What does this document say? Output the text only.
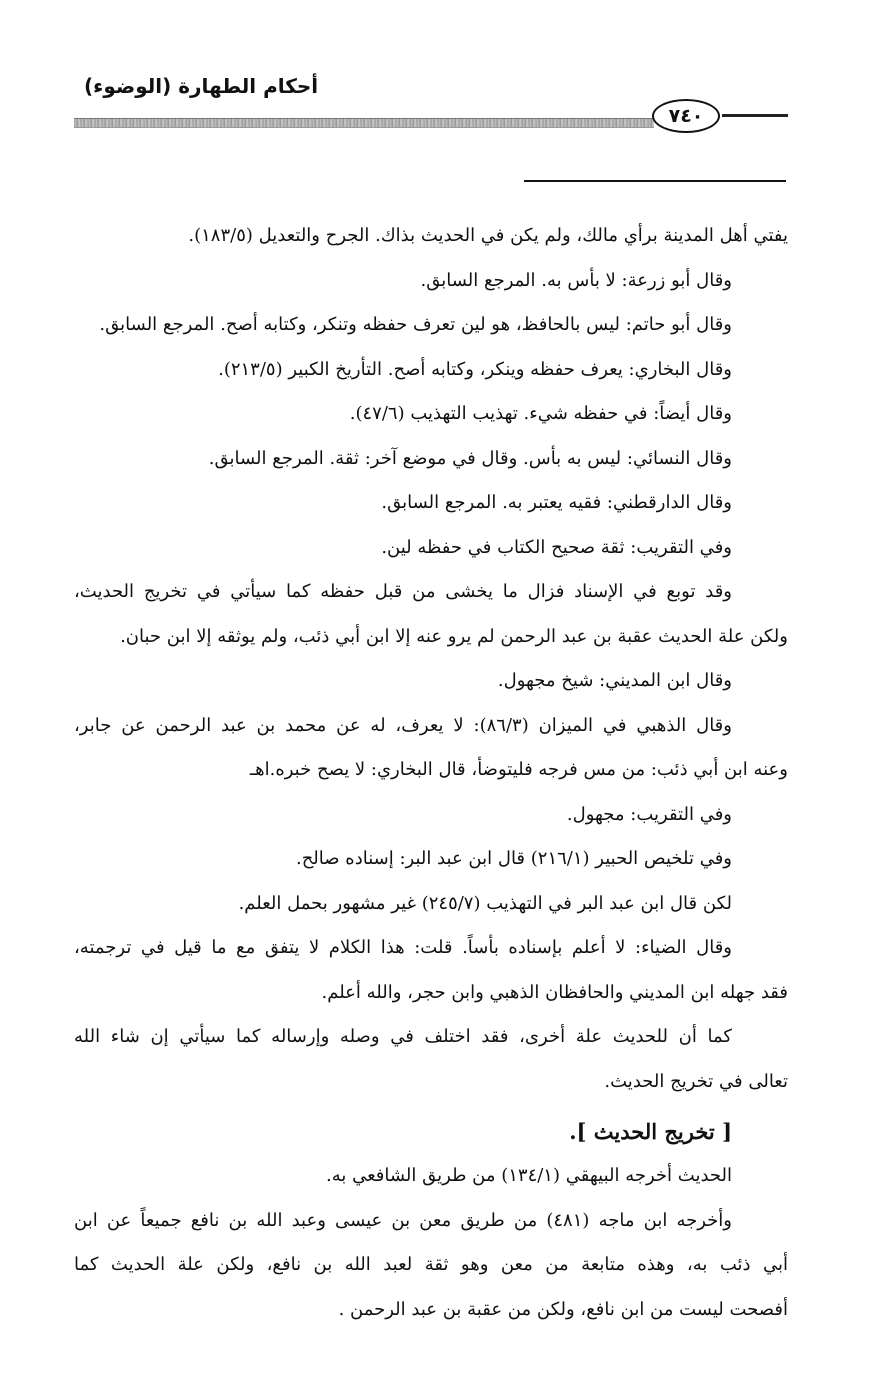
أحكام الطهارة (الوضوء)
٧٤٠
يفتي أهل المدينة برأي مالك، ولم يكن في الحديث بذاك. الجرح والتعديل (١٨٣/٥).
وقال أبو زرعة: لا بأس به. المرجع السابق.
وقال أبو حاتم: ليس بالحافظ، هو لين تعرف حفظه وتنكر، وكتابه أصح. المرجع السابق.
وقال البخاري: يعرف حفظه وينكر، وكتابه أصح. التأريخ الكبير (٢١٣/٥).
وقال أيضاً: في حفظه شيء. تهذيب التهذيب (٤٧/٦).
وقال النسائي: ليس به بأس. وقال في موضع آخر: ثقة. المرجع السابق.
وقال الدارقطني: فقيه يعتبر به. المرجع السابق.
وفي التقريب: ثقة صحيح الكتاب في حفظه لين.
وقد توبع في الإسناد فزال ما يخشى من قبل حفظه كما سيأتي في تخريج الحديث،
ولكن علة الحديث عقبة بن عبد الرحمن لم يرو عنه إلا ابن أبي ذئب، ولم يوثقه إلا ابن حبان.
وقال ابن المديني: شيخ مجهول.
وقال الذهبي في الميزان (٨٦/٣): لا يعرف، له عن محمد بن عبد الرحمن عن جابر،
وعنه ابن أبي ذئب: من مس فرجه فليتوضأ، قال البخاري: لا يصح خبره.اهـ
وفي التقريب: مجهول.
وفي تلخيص الحبير (٢١٦/١) قال ابن عبد البر: إسناده صالح.
لكن قال ابن عبد البر في التهذيب (٢٤٥/٧) غير مشهور بحمل العلم.
وقال الضياء: لا أعلم بإسناده بأساً. قلت: هذا الكلام لا يتفق مع ما قيل في ترجمته،
فقد جهله ابن المديني والحافظان الذهبي وابن حجر، والله أعلم.
كما أن للحديث علة أخرى، فقد اختلف في وصله وإرساله كما سيأتي إن شاء الله
تعالى في تخريج الحديث.
[ تخريج الحديث ].
الحديث أخرجه البيهقي (١٣٤/١) من طريق الشافعي به.
وأخرجه ابن ماجه (٤٨١) من طريق معن بن عيسى وعبد الله بن نافع جميعاً عن ابن
أبي ذئب به، وهذه متابعة من معن وهو ثقة لعبد الله بن نافع، ولكن علة الحديث كما
أفصحت ليست من ابن نافع، ولكن من عقبة بن عبد الرحمن .
